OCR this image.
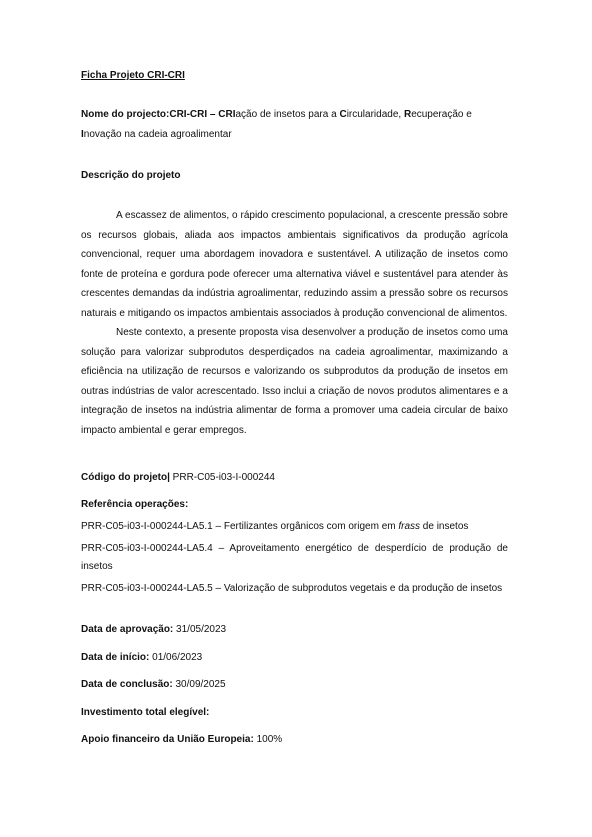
Ficha Projeto CRI-CRI
Nome do projecto:CRI-CRI – CRIação de insetos para a Circularidade, Recuperação e Inovação na cadeia agroalimentar
Descrição do projeto

A escassez de alimentos, o rápido crescimento populacional, a crescente pressão sobre os recursos globais, aliada aos impactos ambientais significativos da produção agrícola convencional, requer uma abordagem inovadora e sustentável. A utilização de insetos como fonte de proteína e gordura pode oferecer uma alternativa viável e sustentável para atender às crescentes demandas da indústria agroalimentar, reduzindo assim a pressão sobre os recursos naturais e mitigando os impactos ambientais associados à produção convencional de alimentos.

Neste contexto, a presente proposta visa desenvolver a produção de insetos como uma solução para valorizar subprodutos desperdiçados na cadeia agroalimentar, maximizando a eficiência na utilização de recursos e valorizando os subprodutos da produção de insetos em outras indústrias de valor acrescentado. Isso inclui a criação de novos produtos alimentares e a integração de insetos na indústria alimentar de forma a promover uma cadeia circular de baixo impacto ambiental e gerar empregos.

Código do projeto| PRR-C05-i03-I-000244

Referência operações:

PRR-C05-i03-I-000244-LA5.1 – Fertilizantes orgânicos com origem em frass de insetos

PRR-C05-i03-I-000244-LA5.4 – Aproveitamento energético de desperdício de produção de insetos

PRR-C05-i03-I-000244-LA5.5 – Valorização de subprodutos vegetais e da produção de insetos

Data de aprovação: 31/05/2023

Data de início: 01/06/2023

Data de conclusão: 30/09/2025

Investimento total elegível:

Apoio financeiro da União Europeia: 100%
